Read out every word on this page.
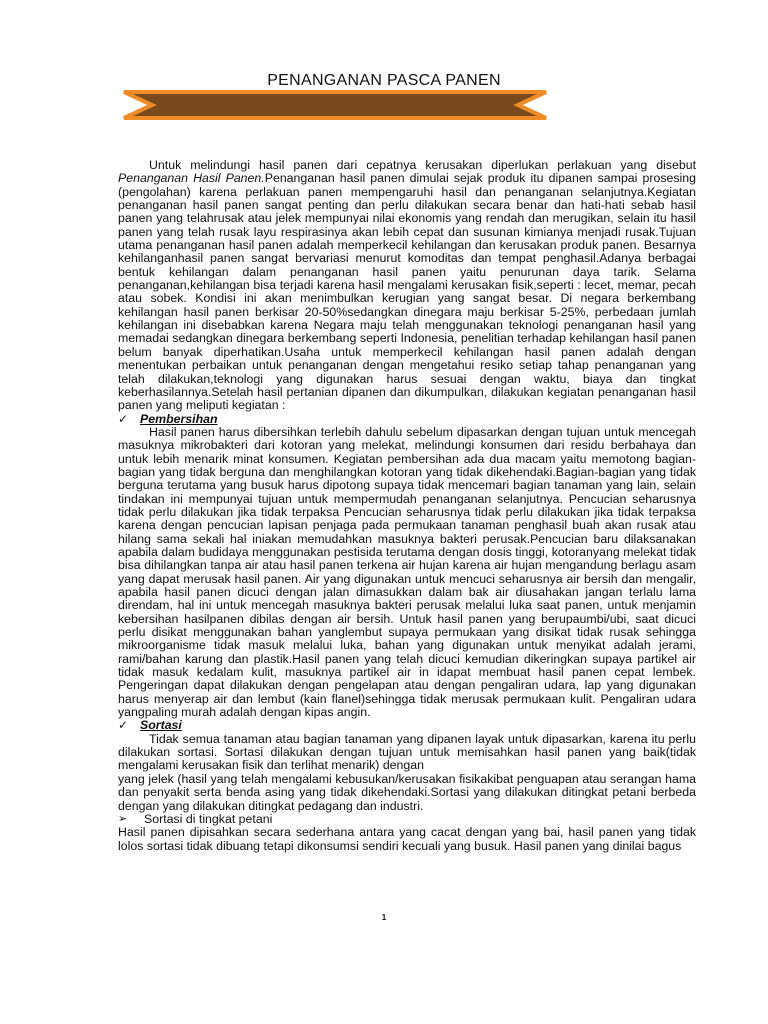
PENANGANAN PASCA PANEN

Untuk melindungi hasil panen dari cepatnya kerusakan diperlukan perlakuan yang disebut Penanganan Hasil Panen.Penanganan hasil panen dimulai sejak produk itu dipanen sampai prosesing (pengolahan) karena perlakuan panen mempengaruhi hasil dan penanganan selanjutnya.Kegiatan penanganan hasil panen sangat penting dan perlu dilakukan secara benar dan hati-hati sebab hasil panen yang telahrusak atau jelek mempunyai nilai ekonomis yang rendah dan merugikan, selain itu hasil panen yang telah rusak layu respirasinya akan lebih cepat dan susunan kimianya menjadi rusak.Tujuan utama penanganan hasil panen adalah memperkecil kehilangan dan kerusakan produk panen. Besarnya kehilanganhasil panen sangat bervariasi menurut komoditas dan tempat penghasil.Adanya berbagai bentuk kehilangan dalam penanganan hasil panen yaitu penurunan daya tarik. Selama penanganan,kehilangan bisa terjadi karena hasil mengalami kerusakan fisik,seperti : lecet, memar, pecah atau sobek. Kondisi ini akan menimbulkan kerugian yang sangat besar. Di negara berkembang kehilangan hasil panen berkisar 20-50%sedangkan dinegara maju berkisar 5-25%, perbedaan jumlah kehilangan ini disebabkan karena Negara maju telah menggunakan teknologi penanganan hasil yang memadai sedangkan dinegara berkembang seperti Indonesia, penelitian terhadap kehilangan hasil panen belum banyak diperhatikan.Usaha untuk memperkecil kehilangan hasil panen adalah dengan menentukan perbaikan untuk penanganan dengan mengetahui resiko setiap tahap penanganan yang telah dilakukan,teknologi yang digunakan harus sesuai dengan waktu, biaya dan tingkat keberhasilannya.Setelah hasil pertanian dipanen dan dikumpulkan, dilakukan kegiatan penanganan hasil panen yang meliputi kegiatan :

✓ Pembersihan

Hasil panen harus dibersihkan terlebih dahulu sebelum dipasarkan dengan tujuan untuk mencegah masuknya mikrobakteri dari kotoran yang melekat, melindungi konsumen dari residu berbahaya dan untuk lebih menarik minat konsumen. Kegiatan pembersihan ada dua macam yaitu memotong bagian-bagian yang tidak berguna dan menghilangkan kotoran yang tidak dikehendaki.Bagian-bagian yang tidak berguna terutama yang busuk harus dipotong supaya tidak mencemari bagian tanaman yang lain, selain tindakan ini mempunyai tujuan untuk mempermudah penanganan selanjutnya. Pencucian seharusnya tidak perlu dilakukan jika tidak terpaksa Pencucian seharusnya tidak perlu dilakukan jika tidak terpaksa karena dengan pencucian lapisan penjaga pada permukaan tanaman penghasil buah akan rusak atau hilang sama sekali hal iniakan memudahkan masuknya bakteri perusak.Pencucian baru dilaksanakan apabila dalam budidaya menggunakan pestisida terutama dengan dosis tinggi, kotoranyang melekat tidak bisa dihilangkan tanpa air atau hasil panen terkena air hujan karena air hujan mengandung berlagu asam yang dapat merusak hasil panen. Air yang digunakan untuk mencuci seharusnya air bersih dan mengalir, apabila hasil panen dicuci dengan jalan dimasukkan dalam bak air diusahakan jangan terlalu lama direndam, hal ini untuk mencegah masuknya bakteri perusak melalui luka saat panen, untuk menjamin kebersihan hasilpanen dibilas dengan air bersih. Untuk hasil panen yang berupaumbi/ubi, saat dicuci perlu disikat menggunakan bahan yanglembut supaya permukaan yang disikat tidak rusak sehingga mikroorganisme tidak masuk melalui luka, bahan yang digunakan untuk menyikat adalah jerami, rami/bahan karung dan plastik.Hasil panen yang telah dicuci kemudian dikeringkan supaya partikel air tidak masuk kedalam kulit, masuknya partikel air in idapat membuat hasil panen cepat lembek. Pengeringan dapat dilakukan dengan pengelapan atau dengan pengaliran udara, lap yang digunakan harus menyerap air dan lembut (kain flanel)sehingga tidak merusak permukaan kulit. Pengaliran udara yangpaling murah adalah dengan kipas angin.

✓ Sortasi

Tidak semua tanaman atau bagian tanaman yang dipanen layak untuk dipasarkan, karena itu perlu dilakukan sortasi. Sortasi dilakukan dengan tujuan untuk memisahkan hasil panen yang baik(tidak mengalami kerusakan fisik dan terlihat menarik) dengan

yang jelek (hasil yang telah mengalami kebusukan/kerusakan fisikakibat penguapan atau serangan hama dan penyakit serta benda asing yang tidak dikehendaki.Sortasi yang dilakukan ditingkat petani berbeda dengan yang dilakukan ditingkat pedagang dan industri.

➢	Sortasi di tingkat petani

Hasil panen dipisahkan secara sederhana antara yang cacat dengan yang bai, hasil panen yang tidak lolos sortasi tidak dibuang tetapi dikonsumsi sendiri kecuali yang busuk. Hasil panen yang dinilai bagus

1
